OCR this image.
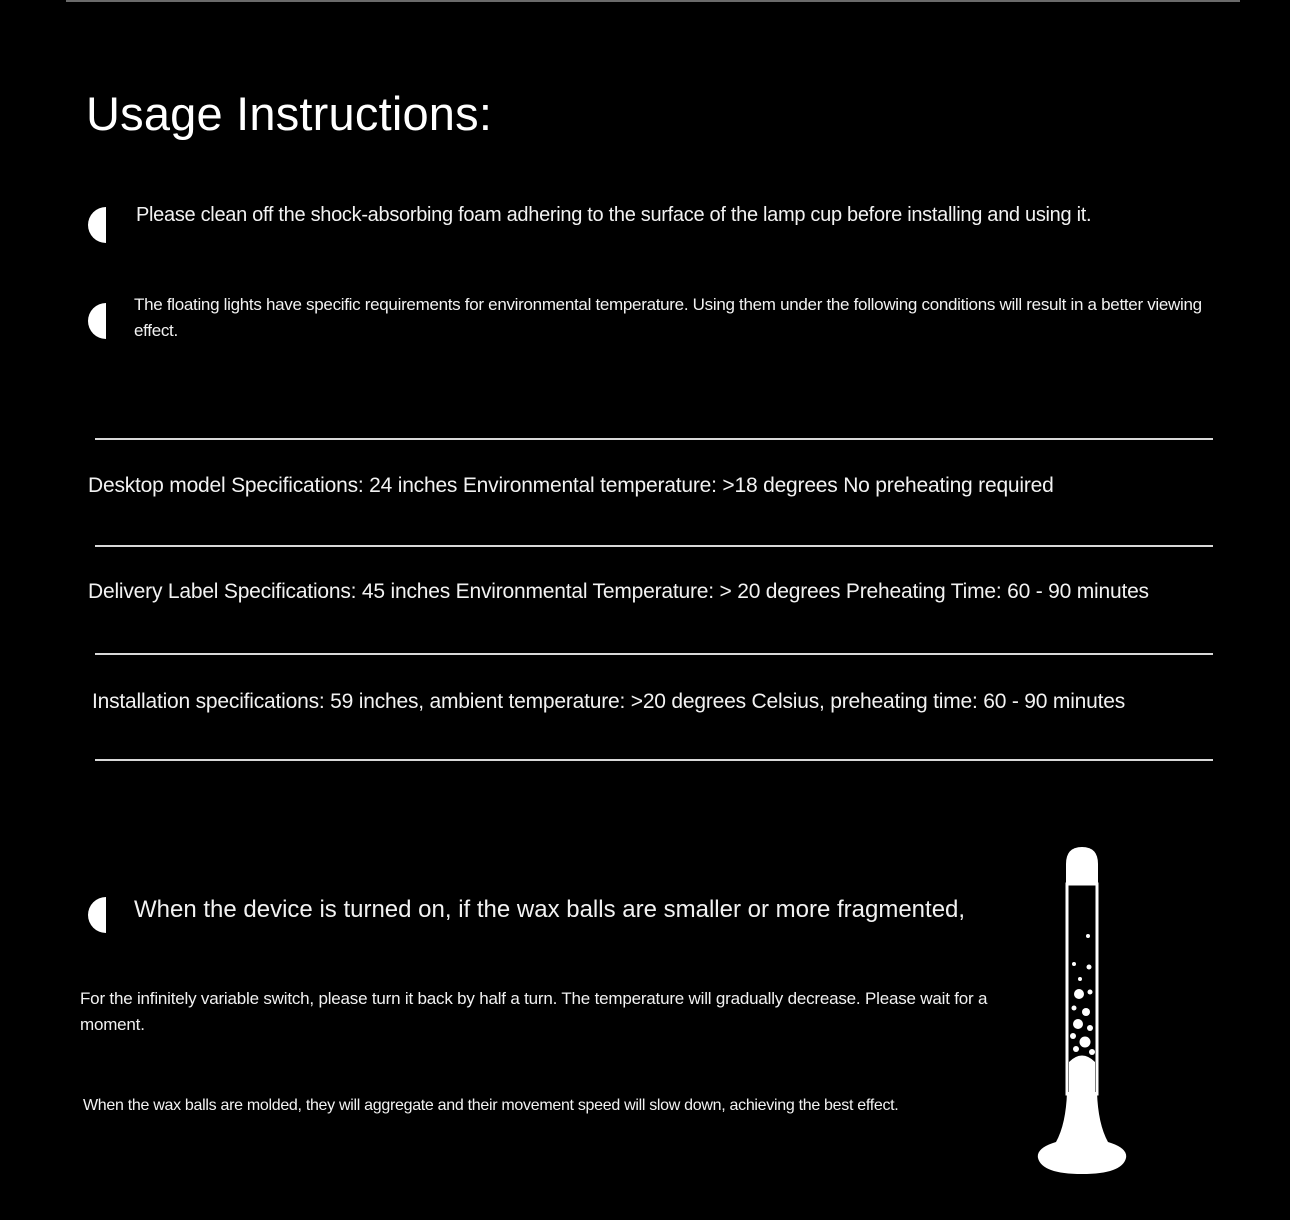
Usage Instructions:
Please clean off the shock-absorbing foam adhering to the surface of the lamp cup before installing and using it.
The floating lights have specific requirements for environmental temperature. Using them under the following conditions will result in a better viewing effect.
Desktop model Specifications: 24 inches Environmental temperature: >18 degrees No preheating required
Delivery Label Specifications: 45 inches Environmental Temperature: > 20 degrees Preheating Time: 60 - 90 minutes
Installation specifications: 59 inches, ambient temperature: >20 degrees Celsius, preheating time: 60 - 90 minutes
When the device is turned on, if the wax balls are smaller or more fragmented,
For the infinitely variable switch, please turn it back by half a turn. The temperature will gradually decrease. Please wait for a moment.
When the wax balls are molded, they will aggregate and their movement speed will slow down, achieving the best effect.
